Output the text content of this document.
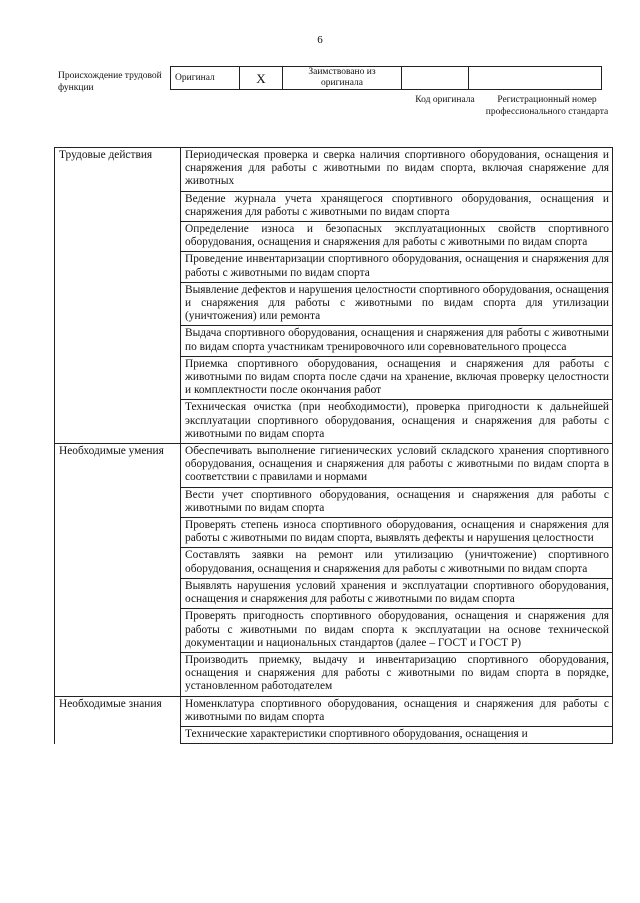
6
Происхождение трудовой функции
Оригинал	X	Заимствовано из оригинала		
Код оригинала	Регистрационный номер профессионального стандарта
Трудовые действия	Периодическая проверка и сверка наличия спортивного оборудования, оснащения и снаряжения для работы с животными по видам спорта, включая снаряжение для животных
	Ведение журнала учета хранящегося спортивного оборудования, оснащения и снаряжения для работы с животными по видам спорта
	Определение износа и безопасных эксплуатационных свойств спортивного оборудования, оснащения и снаряжения для работы с животными по видам спорта
	Проведение инвентаризации спортивного оборудования, оснащения и снаряжения для работы с животными по видам спорта
	Выявление дефектов и нарушения целостности спортивного оборудования, оснащения и снаряжения для работы с животными по видам спорта для утилизации (уничтожения) или ремонта
	Выдача спортивного оборудования, оснащения и снаряжения для работы с животными по видам спорта участникам тренировочного или соревновательного процесса
	Приемка спортивного оборудования, оснащения и снаряжения для работы с животными по видам спорта после сдачи на хранение, включая проверку целостности и комплектности после окончания работ
	Техническая очистка (при необходимости), проверка пригодности к дальнейшей эксплуатации спортивного оборудования, оснащения и снаряжения для работы с животными по видам спорта
Необходимые умения	Обеспечивать выполнение гигиенических условий складского хранения спортивного оборудования, оснащения и снаряжения для работы с животными по видам спорта в соответствии с правилами и нормами
	Вести учет спортивного оборудования, оснащения и снаряжения для работы с животными по видам спорта
	Проверять степень износа спортивного оборудования, оснащения и снаряжения для работы с животными по видам спорта, выявлять дефекты и нарушения целостности
	Составлять заявки на ремонт или утилизацию (уничтожение) спортивного оборудования, оснащения и снаряжения для работы с животными по видам спорта
	Выявлять нарушения условий хранения и эксплуатации спортивного оборудования, оснащения и снаряжения для работы с животными по видам спорта
	Проверять пригодность спортивного оборудования, оснащения и снаряжения для работы с животными по видам спорта к эксплуатации на основе технической документации и национальных стандартов (далее – ГОСТ и ГОСТ Р)
	Производить приемку, выдачу и инвентаризацию спортивного оборудования, оснащения и снаряжения для работы с животными по видам спорта в порядке, установленном работодателем
Необходимые знания	Номенклатура спортивного оборудования, оснащения и снаряжения для работы с животными по видам спорта
	Технические характеристики спортивного оборудования, оснащения и
